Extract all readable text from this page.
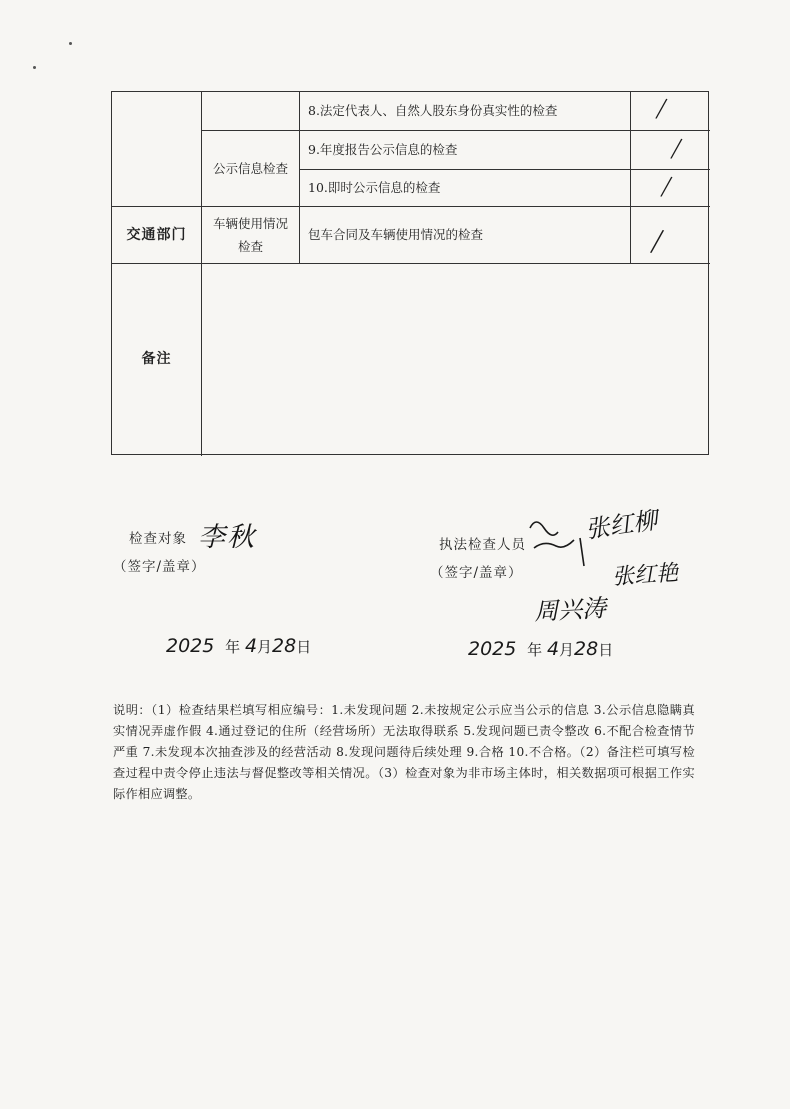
8.法定代表人、自然人股东身份真实性的检查	/
公示信息检查
9.年度报告公示信息的检查	/
10.即时公示信息的检查	/
交通部门
车辆使用情况
检查
包车合同及车辆使用情况的检查	/
备注
检查对象 李秋
（签字/盖章）
执法检查人员
（签字/盖章）
张红柳
张红艳
周兴涛
2025 年 4月28日	2025 年 4月28日
说明：（1）检查结果栏填写相应编号：1.未发现问题 2.未按规定公示应当公示的信息 3.公示信息隐瞒真实情况弄虚作假 4.通过登记的住所（经营场所）无法取得联系 5.发现问题已责令整改 6.不配合检查情节严重 7.未发现本次抽查涉及的经营活动 8.发现问题待后续处理 9.合格 10.不合格。（2）备注栏可填写检查过程中责令停止违法与督促整改等相关情况。（3）检查对象为非市场主体时，相关数据项可根据工作实际作相应调整。
